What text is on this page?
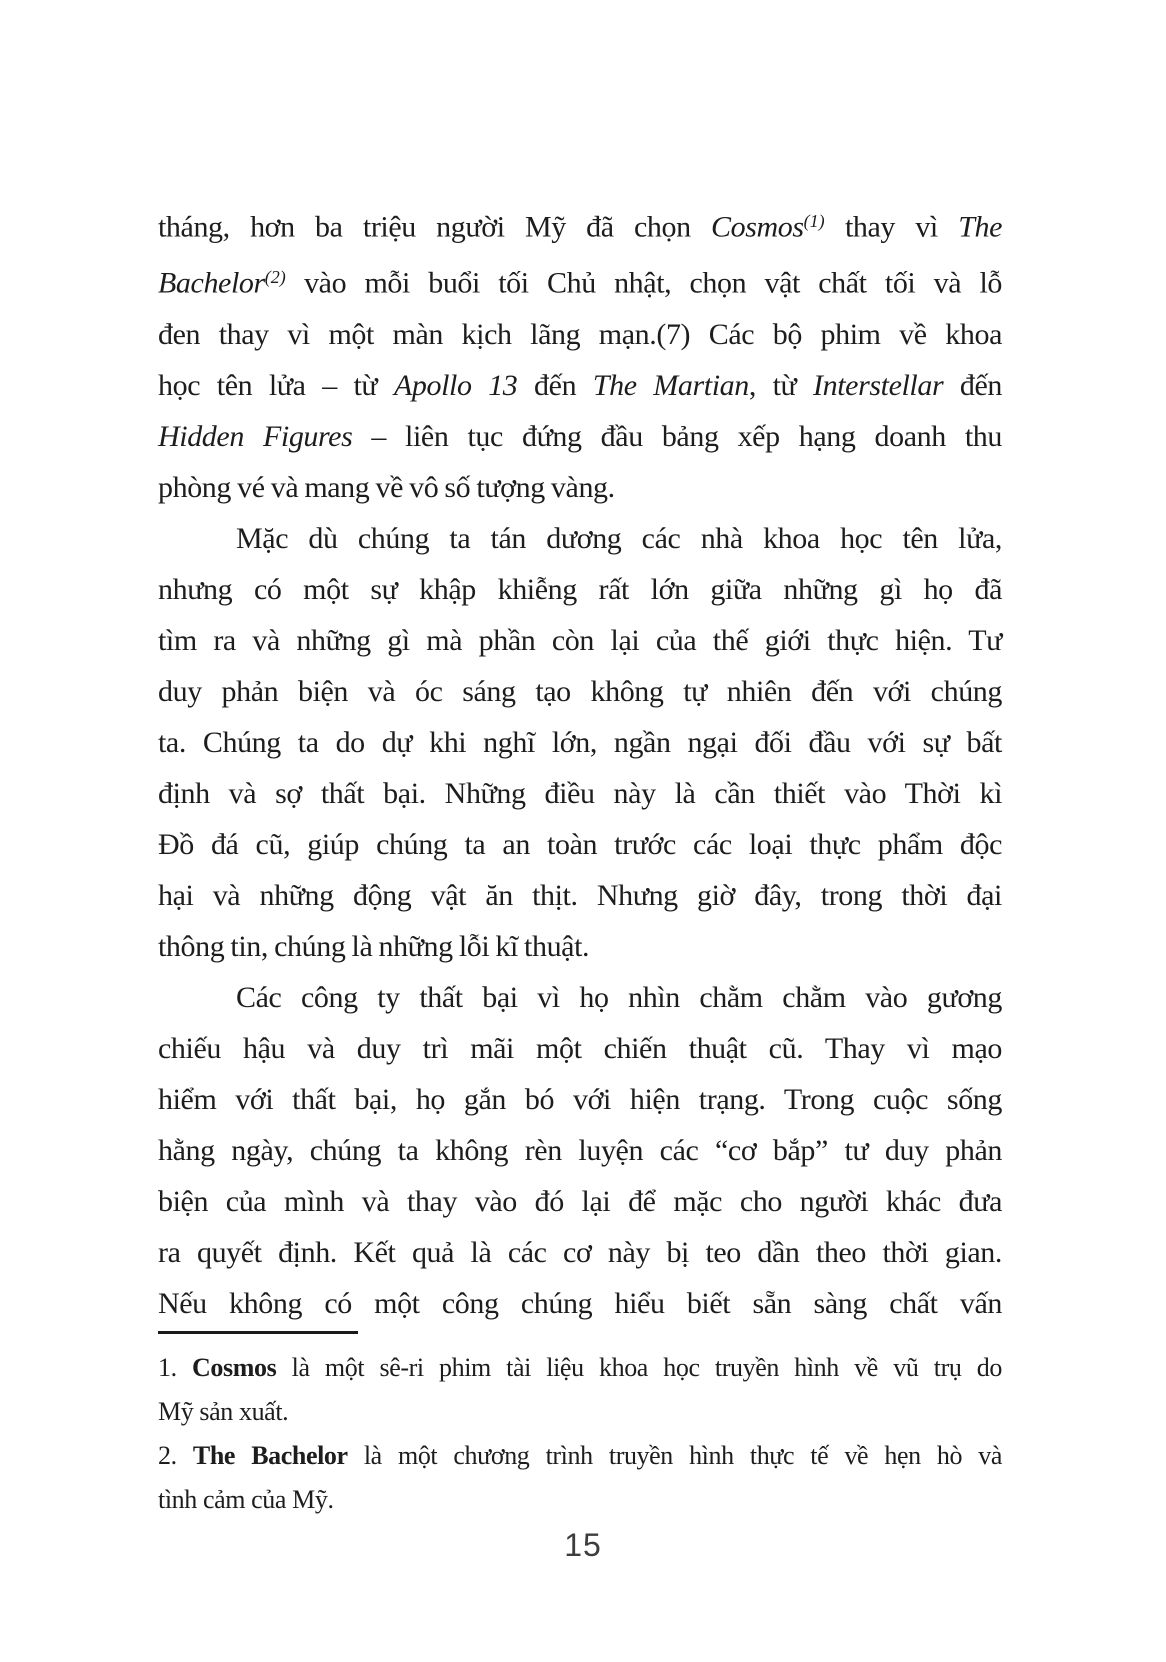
tháng, hơn ba triệu người Mỹ đã chọn Cosmos$^{(1)}$ thay vì The
Bachelor$^{(2)}$ vào mỗi buổi tối Chủ nhật, chọn vật chất tối và lỗ
đen thay vì một màn kịch lãng mạn.(7) Các bộ phim về khoa
học tên lửa – từ Apollo 13 đến The Martian, từ Interstellar đến
Hidden Figures – liên tục đứng đầu bảng xếp hạng doanh thu
phòng vé và mang về vô số tượng vàng.
Mặc dù chúng ta tán dương các nhà khoa học tên lửa,
nhưng có một sự khập khiễng rất lớn giữa những gì họ đã
tìm ra và những gì mà phần còn lại của thế giới thực hiện. Tư
duy phản biện và óc sáng tạo không tự nhiên đến với chúng
ta. Chúng ta do dự khi nghĩ lớn, ngần ngại đối đầu với sự bất
định và sợ thất bại. Những điều này là cần thiết vào Thời kì
Đồ đá cũ, giúp chúng ta an toàn trước các loại thực phẩm độc
hại và những động vật ăn thịt. Nhưng giờ đây, trong thời đại
thông tin, chúng là những lỗi kĩ thuật.
Các công ty thất bại vì họ nhìn chằm chằm vào gương
chiếu hậu và duy trì mãi một chiến thuật cũ. Thay vì mạo
hiểm với thất bại, họ gắn bó với hiện trạng. Trong cuộc sống
hằng ngày, chúng ta không rèn luyện các “cơ bắp” tư duy phản
biện của mình và thay vào đó lại để mặc cho người khác đưa
ra quyết định. Kết quả là các cơ này bị teo dần theo thời gian.
Nếu không có một công chúng hiểu biết sẵn sàng chất vấn
1. Cosmos là một sê-ri phim tài liệu khoa học truyền hình về vũ trụ do
Mỹ sản xuất.
2. The Bachelor là một chương trình truyền hình thực tế về hẹn hò và
tình cảm của Mỹ.
15
